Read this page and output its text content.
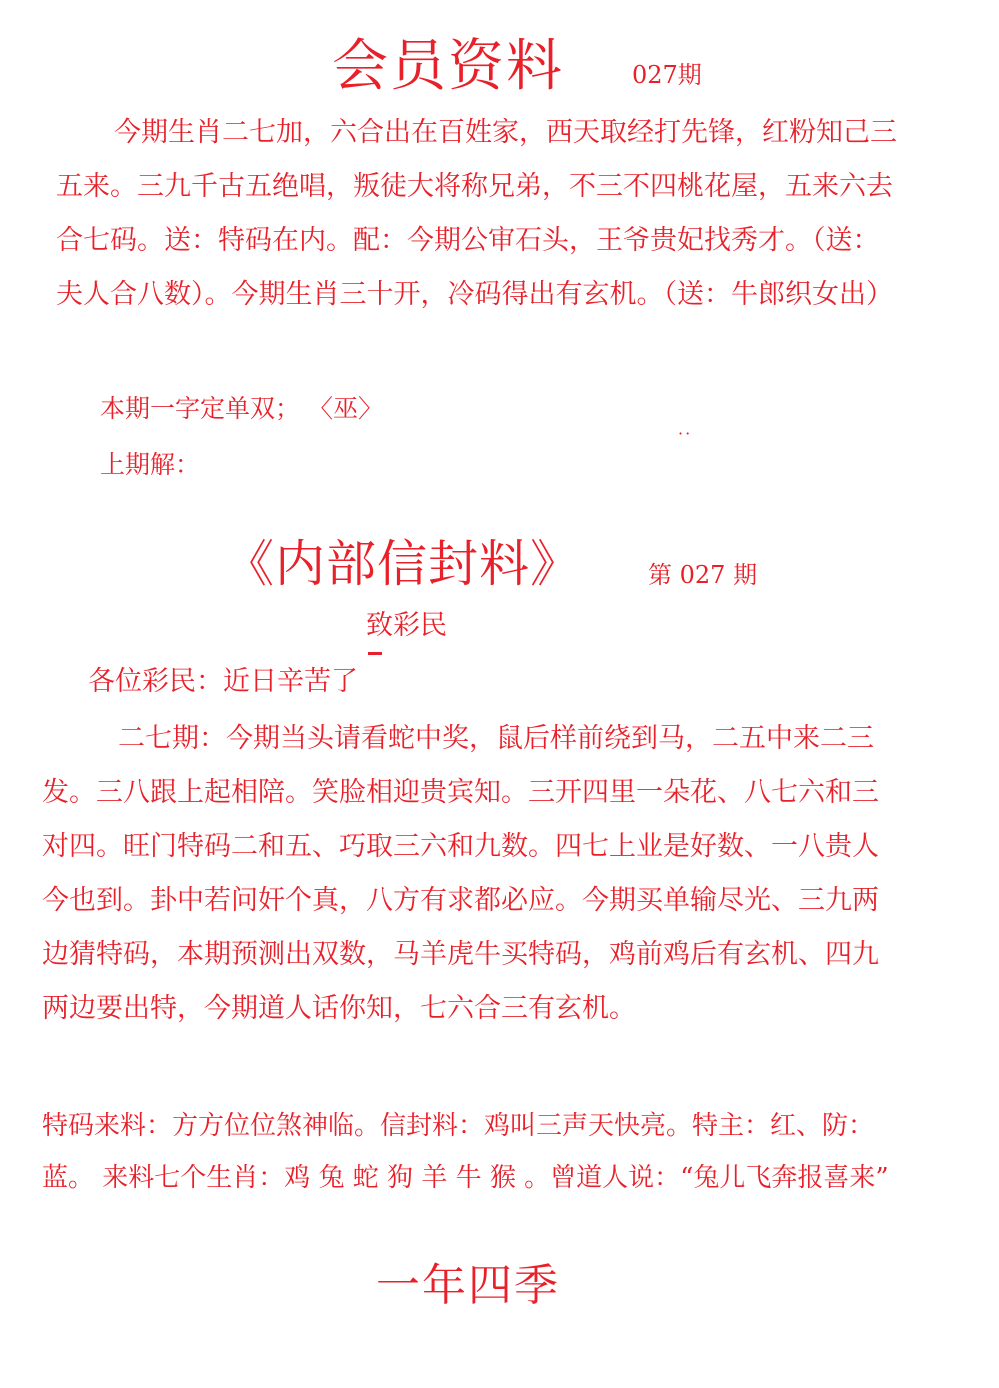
会员资料	027期
今期生肖二七加，六合出在百姓家，西天取经打先锋，红粉知己三五来。三九千古五绝唱，叛徒大将称兄弟，不三不四桃花屋，五来六去合七码。送：特码在内。配：今期公审石头，王爷贵妃找秀才。（送：夫人合八数）。今期生肖三十开，冷码得出有玄机。（送：牛郎织女出）
本期一字定单双； 〈巫〉
··
上期解：
《内部信封料》	第 027 期
致彩民
各位彩民：近日辛苦了
二七期：今期当头请看蛇中奖，鼠后样前绕到马，二五中来二三发。三八跟上起相陪。笑脸相迎贵宾知。三开四里一朵花、八七六和三对四。旺门特码二和五、巧取三六和九数。四七上业是好数、一八贵人今也到。卦中若问奸个真，八方有求都必应。今期买单输尽光、三九两边猜特码，本期预测出双数，马羊虎牛买特码，鸡前鸡后有玄机、四九两边要出特，今期道人话你知，七六合三有玄机。
特码来料：方方位位煞神临。信封料：鸡叫三声天快亮。特主：红、防：蓝。 来料七个生肖：鸡 兔 蛇 狗 羊 牛 猴 。曾道人说：“兔儿飞奔报喜来”
一年四季
